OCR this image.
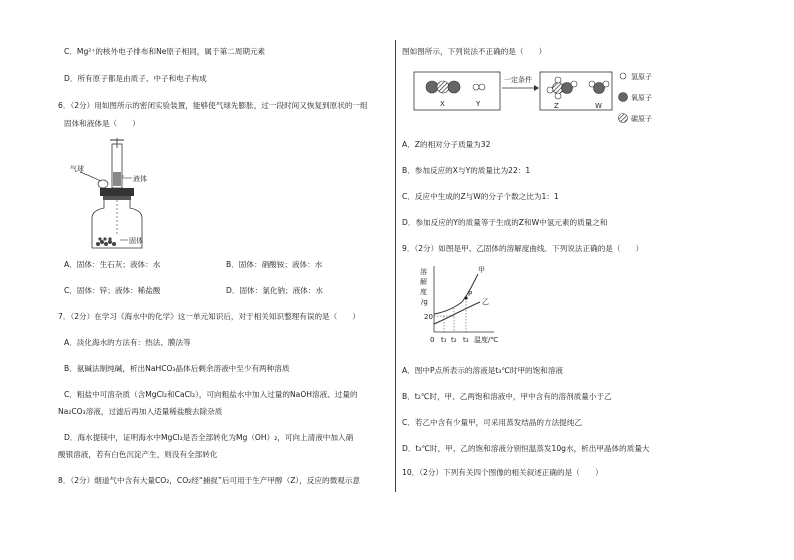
C．Mg²⁺的核外电子排布和Ne原子相同，属于第二周期元素
D．所有原子都是由质子、中子和电子构成
6．（2分）用如图所示的密闭实验装置，能够使气球先膨胀，过一段时间又恢复到原状的一组
固体和液体是（　　）
气球
液体
固体
A．固体：生石灰；液体：水	B．固体：硝酸铵；液体：水
C．固体：锌；液体：稀盐酸	D．固体：氯化钠；液体：水
7．（2分）在学习《海水中的化学》这一单元知识后，对于相关知识整理有误的是（　　）
A．淡化海水的方法有：热法、膜法等
B．氨碱法制纯碱，析出NaHCO₃晶体后剩余溶液中至少有两种溶质
C．粗盐中可溶杂质（含MgCl₂和CaCl₂），可向粗盐水中加入过量的NaOH溶液、过量的
Na₂CO₃溶液，过滤后再加入适量稀盐酸去除杂质
D．海水提镁中，证明海水中MgCl₂是否全部转化为Mg（OH）₂，可向上清液中加入硝
酸银溶液，若有白色沉淀产生，则没有全部转化
8．（2分）烟道气中含有大量CO₂，CO₂经“捕捉”后可用于生产甲醇（Z），反应的微观示意
图如图所示，下列说法不正确的是（　　）
X	Y
一定条件
Z	W
氢原子
氧原子
碳原子
A．Z的相对分子质量为32
B．参加反应的X与Y的质量比为22：1
C．反应中生成的Z与W的分子个数之比为1：1
D．参加反应的Y的质量等于生成的Z和W中氢元素的质量之和
9．（2分）如图是甲、乙固体的溶解度曲线．下列说法正确的是（　　）
溶
解
度
/g
P
甲
乙
20
0 t₁ t₂ t₃ 温度/℃
A．图中P点所表示的溶液是t₃℃时甲的饱和溶液
B．t₂℃时，甲、乙两饱和溶液中，甲中含有的溶剂质量小于乙
C．若乙中含有少量甲，可采用蒸发结晶的方法提纯乙
D．t₃℃时，甲、乙的饱和溶液分别恒温蒸发10g水，析出甲晶体的质量大
10．（2分）下列有关四个图像的相关叙述正确的是（　　）
